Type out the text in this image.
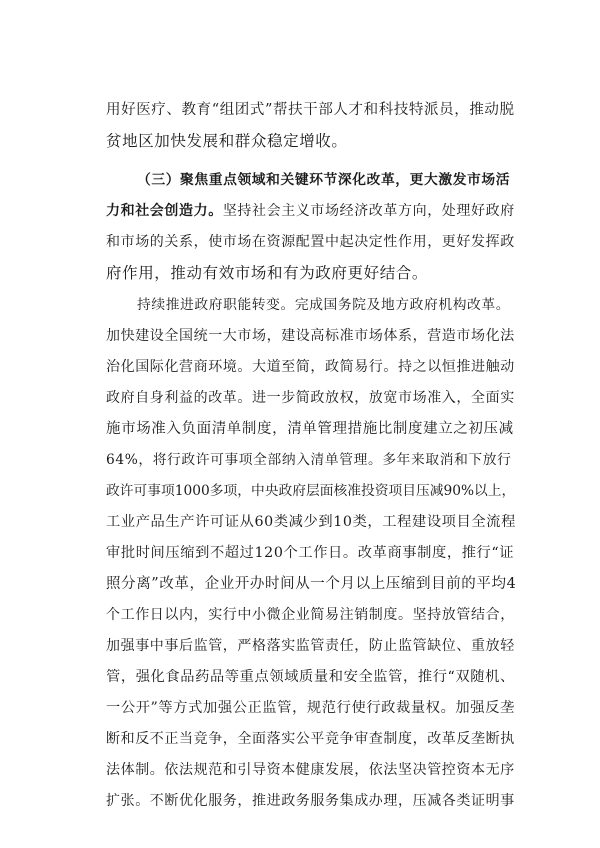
用好医疗、教育“组团式”帮扶干部人才和科技特派员，推动脱
贫地区加快发展和群众稳定增收。
（三）聚焦重点领域和关键环节深化改革，更大激发市场活
力和社会创造力。坚持社会主义市场经济改革方向，处理好政府
和市场的关系，使市场在资源配置中起决定性作用，更好发挥政
府作用，推动有效市场和有为政府更好结合。
持续推进政府职能转变。完成国务院及地方政府机构改革。
加快建设全国统一大市场，建设高标准市场体系，营造市场化法
治化国际化营商环境。大道至简，政简易行。持之以恒推进触动
政府自身利益的改革。进一步简政放权，放宽市场准入，全面实
施市场准入负面清单制度，清单管理措施比制度建立之初压减
64%，将行政许可事项全部纳入清单管理。多年来取消和下放行
政许可事项1000多项，中央政府层面核准投资项目压减90%以上，
工业产品生产许可证从60类减少到10类，工程建设项目全流程
审批时间压缩到不超过120个工作日。改革商事制度，推行“证
照分离”改革，企业开办时间从一个月以上压缩到目前的平均4
个工作日以内，实行中小微企业简易注销制度。坚持放管结合，
加强事中事后监管，严格落实监管责任，防止监管缺位、重放轻
管，强化食品药品等重点领域质量和安全监管，推行“双随机、
一公开”等方式加强公正监管，规范行使行政裁量权。加强反垄
断和反不正当竞争，全面落实公平竞争审查制度，改革反垄断执
法体制。依法规范和引导资本健康发展，依法坚决管控资本无序
扩张。不断优化服务，推进政务服务集成办理，压减各类证明事
